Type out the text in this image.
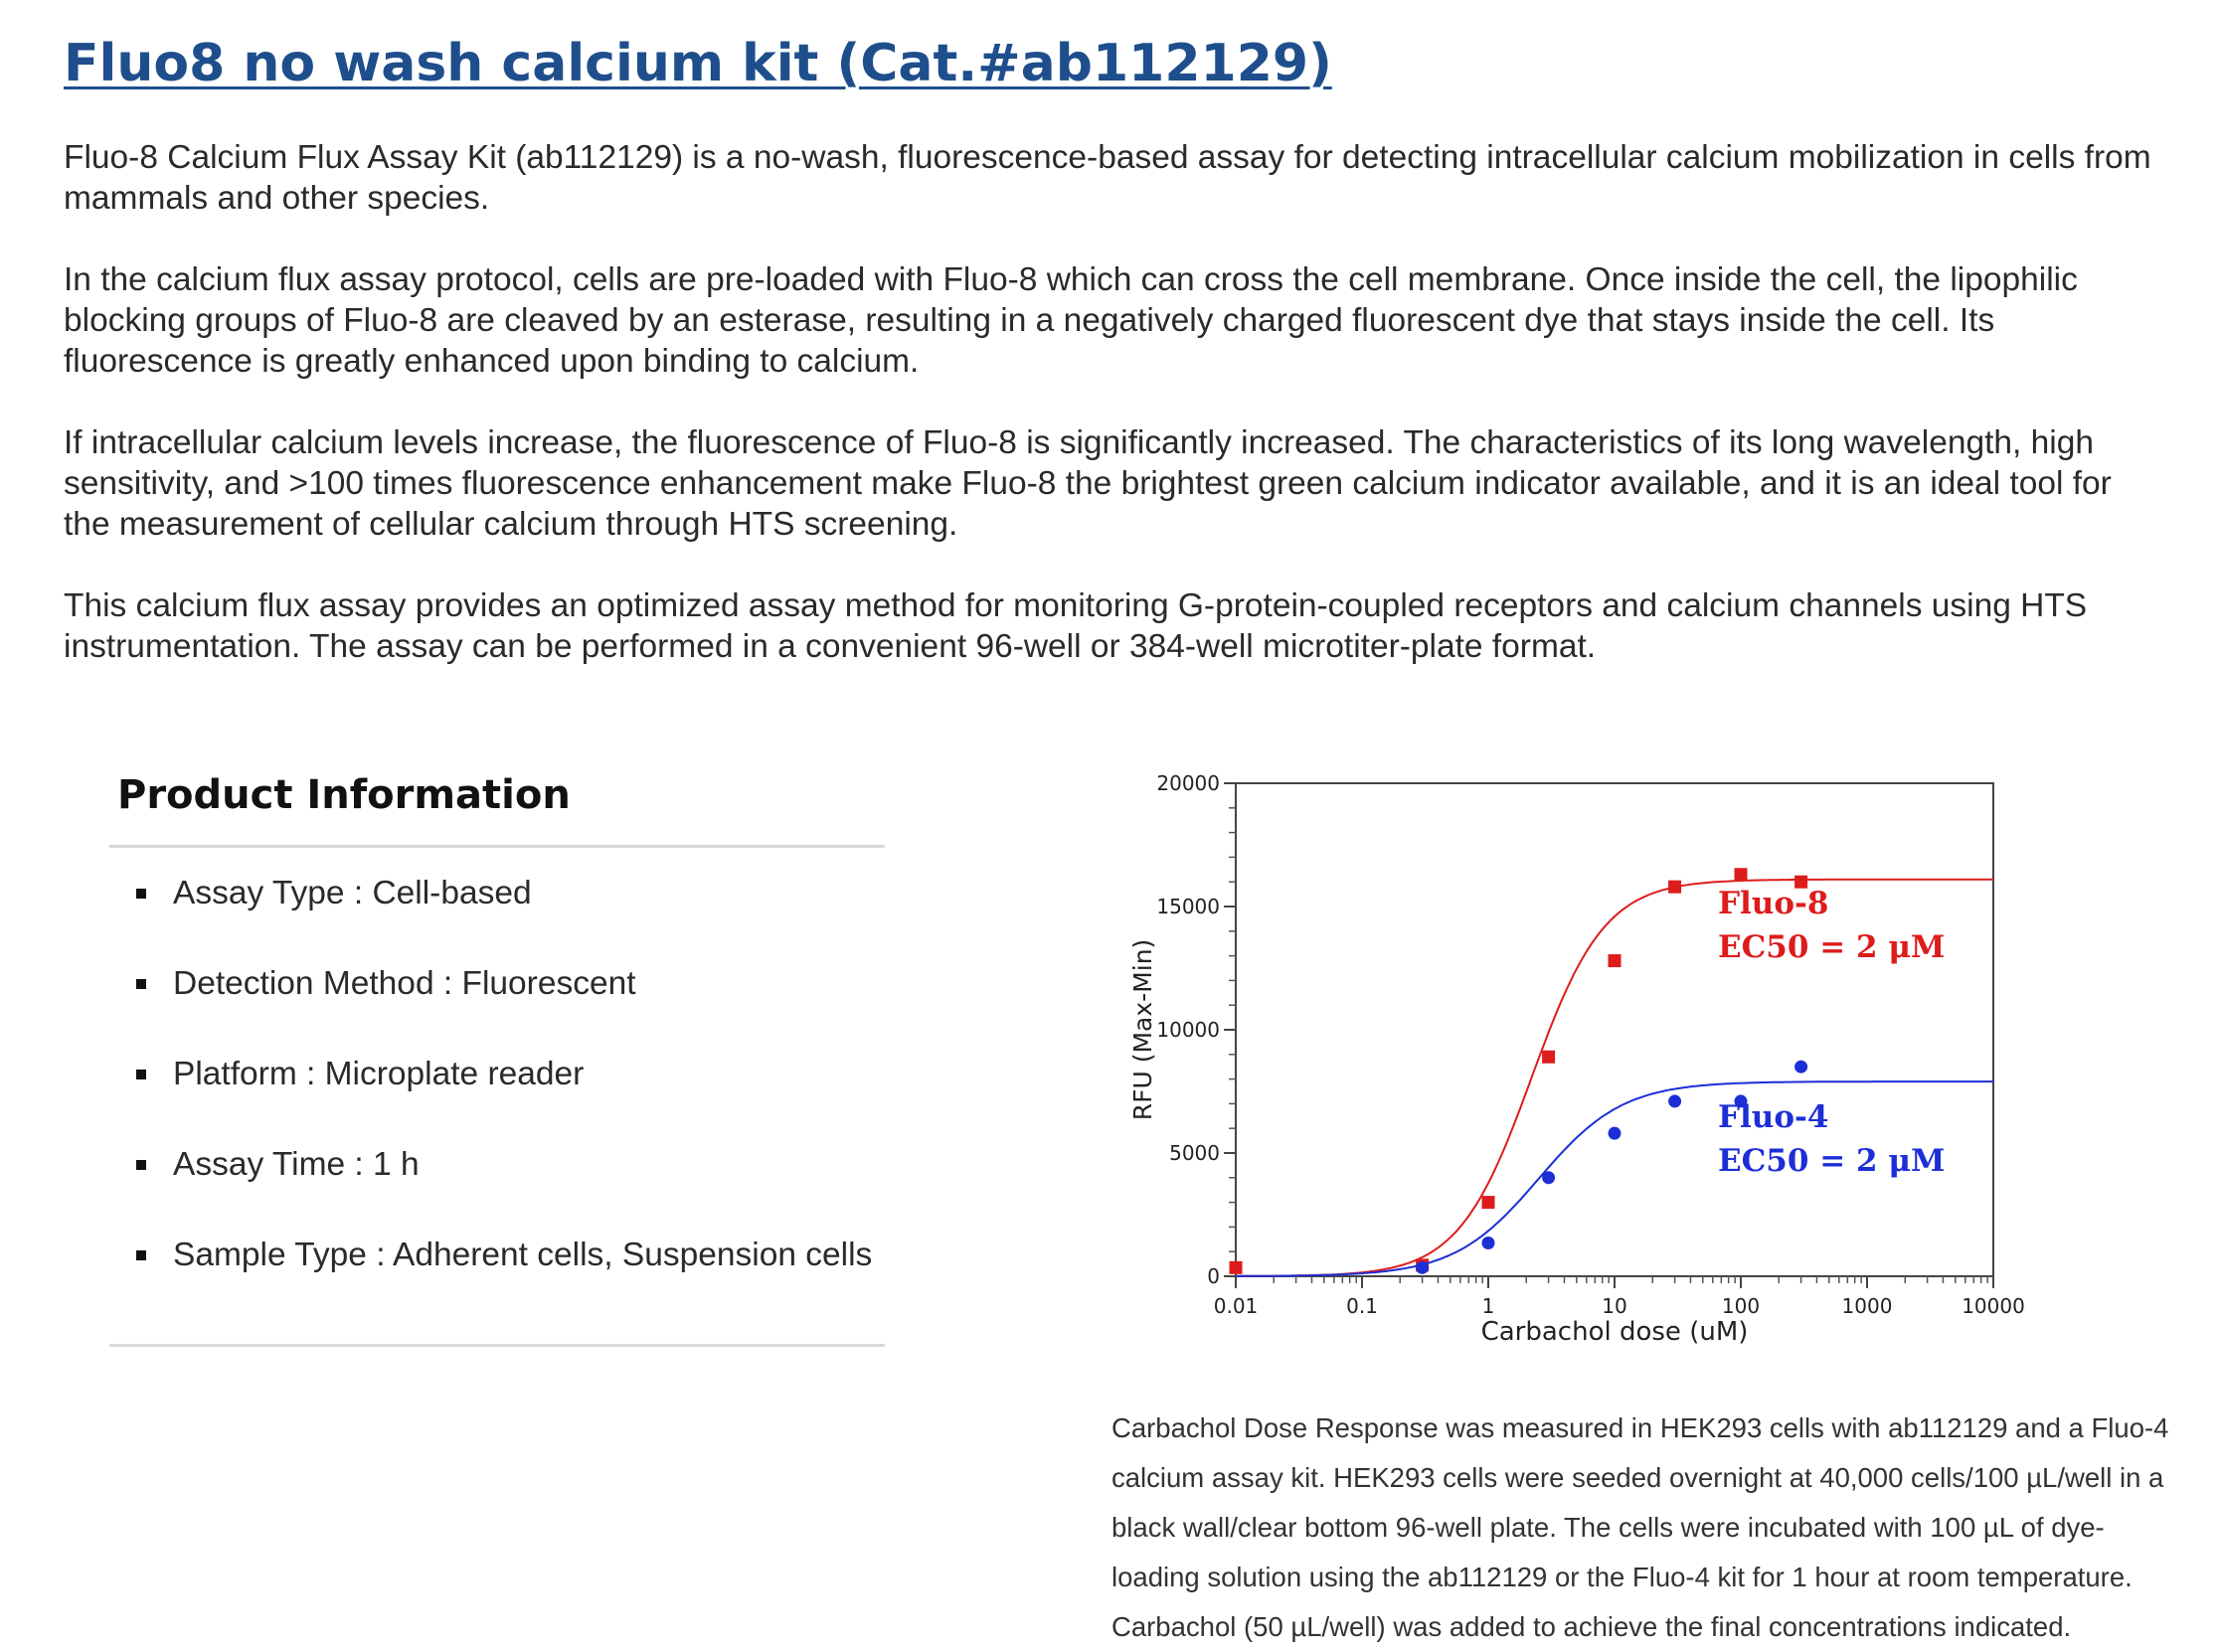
Fluo8 no wash calcium kit (Cat.#ab112129)

Fluo-8 Calcium Flux Assay Kit (ab112129) is a no-wash, fluorescence-based assay for detecting intracellular calcium mobilization in cells from mammals and other species.

In the calcium flux assay protocol, cells are pre-loaded with Fluo-8 which can cross the cell membrane. Once inside the cell, the lipophilic blocking groups of Fluo-8 are cleaved by an esterase, resulting in a negatively charged fluorescent dye that stays inside the cell. Its fluorescence is greatly enhanced upon binding to calcium.

If intracellular calcium levels increase, the fluorescence of Fluo-8 is significantly increased. The characteristics of its long wavelength, high sensitivity, and >100 times fluorescence enhancement make Fluo-8 the brightest green calcium indicator available, and it is an ideal tool for the measurement of cellular calcium through HTS screening.

This calcium flux assay provides an optimized assay method for monitoring G-protein-coupled receptors and calcium channels using HTS instrumentation. The assay can be performed in a convenient 96-well or 384-well microtiter-plate format.

Product Information
Assay Type : Cell-based
Detection Method : Fluorescent
Platform : Microplate reader
Assay Time : 1 h
Sample Type : Adherent cells, Suspension cells
0.01	0.1	1	10	100	1000	10000
0
5000
10000
15000
20000
Fluo-8
EC50 = 2 μM
Fluo-4
EC50 = 2 μM
Carbachol dose (uM)
RFU (Max-Min)

Carbachol Dose Response was measured in HEK293 cells with ab112129 and a Fluo-4 calcium assay kit. HEK293 cells were seeded overnight at 40,000 cells/100 µL/well in a black wall/clear bottom 96-well plate. The cells were incubated with 100 µL of dye-loading solution using the ab112129 or the Fluo-4 kit for 1 hour at room temperature. Carbachol (50 µL/well) was added to achieve the final concentrations indicated.
